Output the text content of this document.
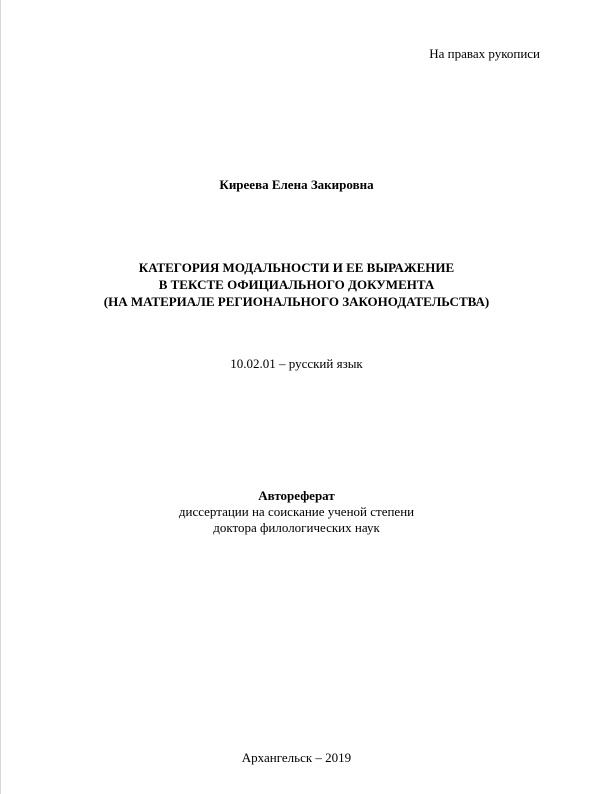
На правах рукописи
Киреева Елена Закировна
КАТЕГОРИЯ МОДАЛЬНОСТИ И ЕЕ ВЫРАЖЕНИЕ
В ТЕКСТЕ ОФИЦИАЛЬНОГО ДОКУМЕНТА
(НА МАТЕРИАЛЕ РЕГИОНАЛЬНОГО ЗАКОНОДАТЕЛЬСТВА)
10.02.01 – русский язык
Автореферат
диссертации на соискание ученой степени
доктора филологических наук
Архангельск – 2019
